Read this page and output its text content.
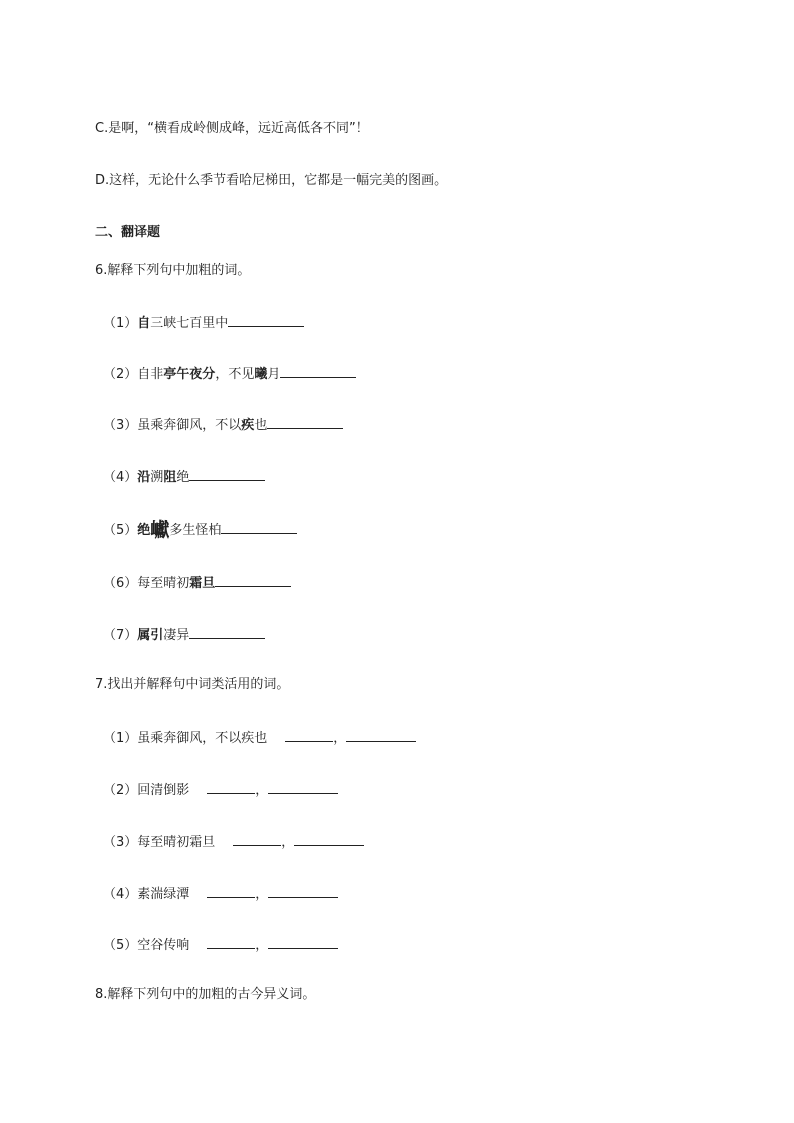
C.是啊，“横看成岭侧成峰，远近高低各不同”！
D.这样，无论什么季节看哈尼梯田，它都是一幅完美的图画。
二、翻译题
6.解释下列句中加粗的词。
（1）自三峡七百里中
（2）自非亭午夜分，不见曦月
（3）虽乘奔御风，不以疾也
（4）沿溯阻绝
（5）绝巘多生怪柏
（6）每至晴初霜旦
（7）属引凄异
7.找出并解释句中词类活用的词。
（1）虽乘奔御风，不以疾也	，
（2）回清倒影	，
（3）每至晴初霜旦	，
（4）素湍绿潭	，
（5）空谷传响	，
8.解释下列句中的加粗的古今异义词。
